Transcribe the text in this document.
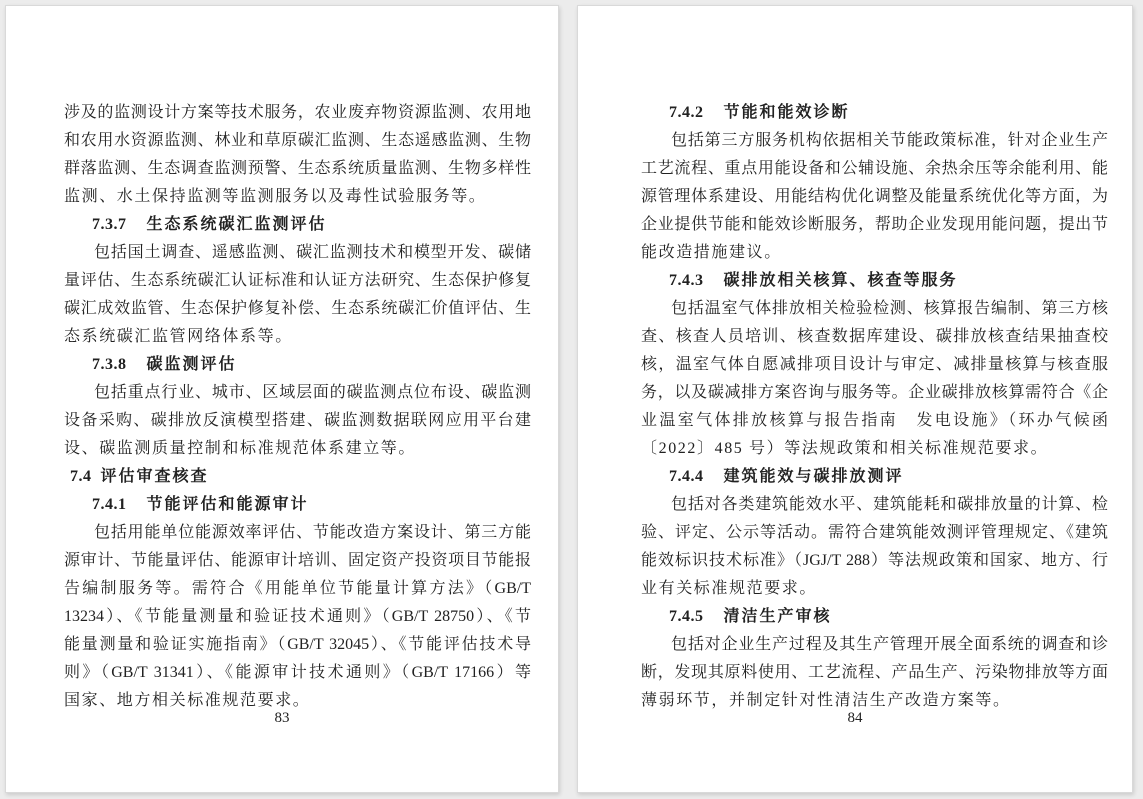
涉及的监测设计方案等技术服务，农业废弃物资源监测、农用地
和农用水资源监测、林业和草原碳汇监测、生态遥感监测、生物
群落监测、生态调查监测预警、生态系统质量监测、生物多样性
监测、水土保持监测等监测服务以及毒性试验服务等。
7.3.7 生态系统碳汇监测评估
包括国土调查、遥感监测、碳汇监测技术和模型开发、碳储
量评估、生态系统碳汇认证标准和认证方法研究、生态保护修复
碳汇成效监管、生态保护修复补偿、生态系统碳汇价值评估、生
态系统碳汇监管网络体系等。
7.3.8 碳监测评估
包括重点行业、城市、区域层面的碳监测点位布设、碳监测
设备采购、碳排放反演模型搭建、碳监测数据联网应用平台建
设、碳监测质量控制和标准规范体系建立等。
7.4 评估审查核查
7.4.1 节能评估和能源审计
包括用能单位能源效率评估、节能改造方案设计、第三方能
源审计、节能量评估、能源审计培训、固定资产投资项目节能报
告编制服务等。需符合《用能单位节能量计算方法》（GB/T
13234）、《节能量测量和验证技术通则》（GB/T 28750）、《节
能量测量和验证实施指南》（GB/T 32045）、《节能评估技术导
则》（GB/T 31341）、《能源审计技术通则》（GB/T 17166）等
国家、地方相关标准规范要求。
83
7.4.2 节能和能效诊断
包括第三方服务机构依据相关节能政策标准，针对企业生产
工艺流程、重点用能设备和公辅设施、余热余压等余能利用、能
源管理体系建设、用能结构优化调整及能量系统优化等方面，为
企业提供节能和能效诊断服务，帮助企业发现用能问题，提出节
能改造措施建议。
7.4.3 碳排放相关核算、核查等服务
包括温室气体排放相关检验检测、核算报告编制、第三方核
查、核查人员培训、核查数据库建设、碳排放核查结果抽查校
核，温室气体自愿减排项目设计与审定、减排量核算与核查服
务，以及碳减排方案咨询与服务等。企业碳排放核算需符合《企
业温室气体排放核算与报告指南　发电设施》（环办气候函
〔2022〕485 号）等法规政策和相关标准规范要求。
7.4.4 建筑能效与碳排放测评
包括对各类建筑能效水平、建筑能耗和碳排放量的计算、检
验、评定、公示等活动。需符合建筑能效测评管理规定、《建筑
能效标识技术标准》（JGJ/T 288）等法规政策和国家、地方、行
业有关标准规范要求。
7.4.5 清洁生产审核
包括对企业生产过程及其生产管理开展全面系统的调查和诊
断，发现其原料使用、工艺流程、产品生产、污染物排放等方面
薄弱环节，并制定针对性清洁生产改造方案等。
84
